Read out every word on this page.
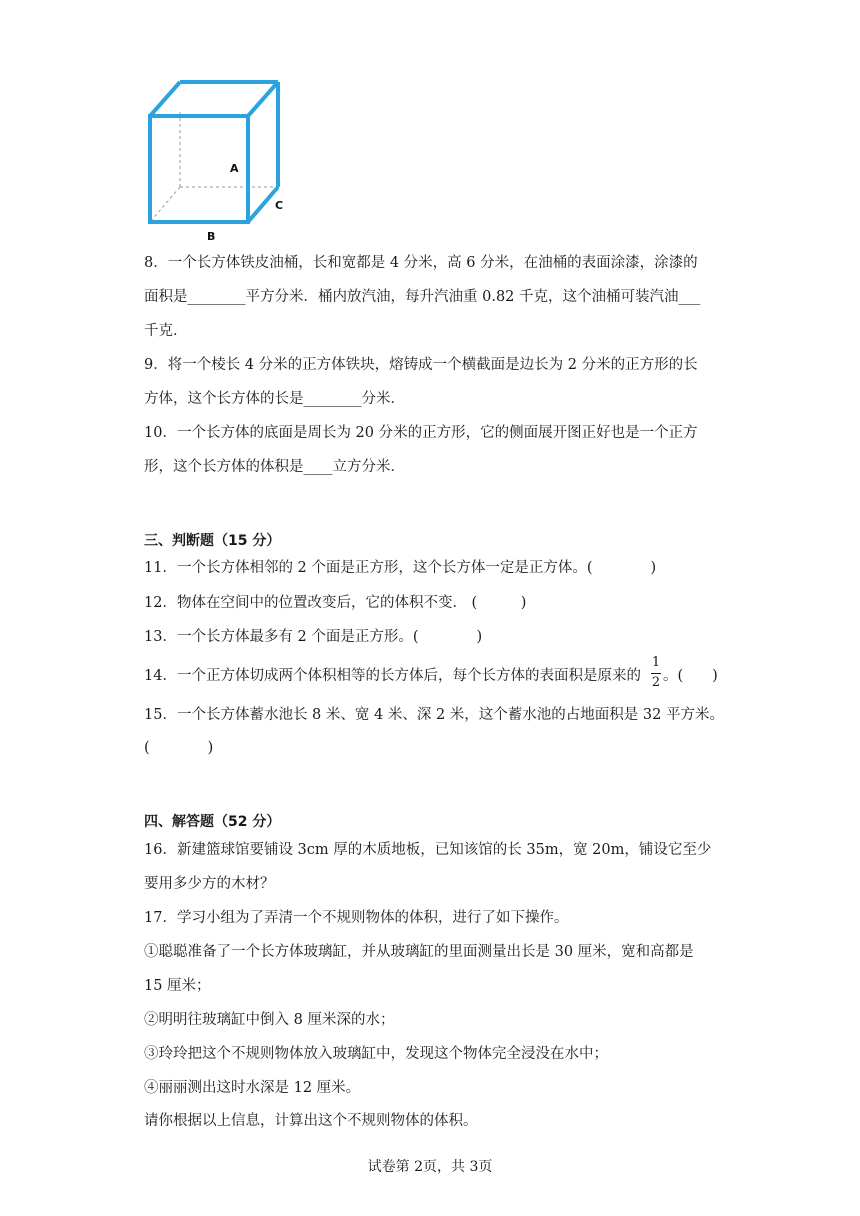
A
C
B
8．一个长方体铁皮油桶，长和宽都是 4 分米，高 6 分米，在油桶的表面涂漆，涂漆的
面积是________平方分米．桶内放汽油，每升汽油重 0.82 千克，这个油桶可装汽油___
千克．
9．将一个棱长 4 分米的正方体铁块，熔铸成一个横截面是边长为 2 分米的正方形的长
方体，这个长方体的长是________分米．
10．一个长方体的底面是周长为 20 分米的正方形，它的侧面展开图正好也是一个正方
形，这个长方体的体积是____立方分米．
三、判断题（15 分）
11．一个长方体相邻的 2 个面是正方形，这个长方体一定是正方体。(　　　　)
12．物体在空间中的位置改变后，它的体积不变． (　　　)
13．一个长方体最多有 2 个面是正方形。(　　　　)
14．一个正方体切成两个体积相等的长方体后，每个长方体的表面积是原来的
1
2 。(　　)
15．一个长方体蓄水池长 8 米、宽 4 米、深 2 米，这个蓄水池的占地面积是 32 平方米。
(　　　　)
四、解答题（52 分）
16．新建篮球馆要铺设 3cm 厚的木质地板，已知该馆的长 35m，宽 20m，铺设它至少
要用多少方的木材？
17．学习小组为了弄清一个不规则物体的体积，进行了如下操作。
①聪聪准备了一个长方体玻璃缸，并从玻璃缸的里面测量出长是 30 厘米，宽和高都是
15 厘米；
②明明往玻璃缸中倒入 8 厘米深的水；
③玲玲把这个不规则物体放入玻璃缸中，发现这个物体完全浸没在水中；
④丽丽测出这时水深是 12 厘米。
请你根据以上信息，计算出这个不规则物体的体积。
试卷第 2页，共 3页
